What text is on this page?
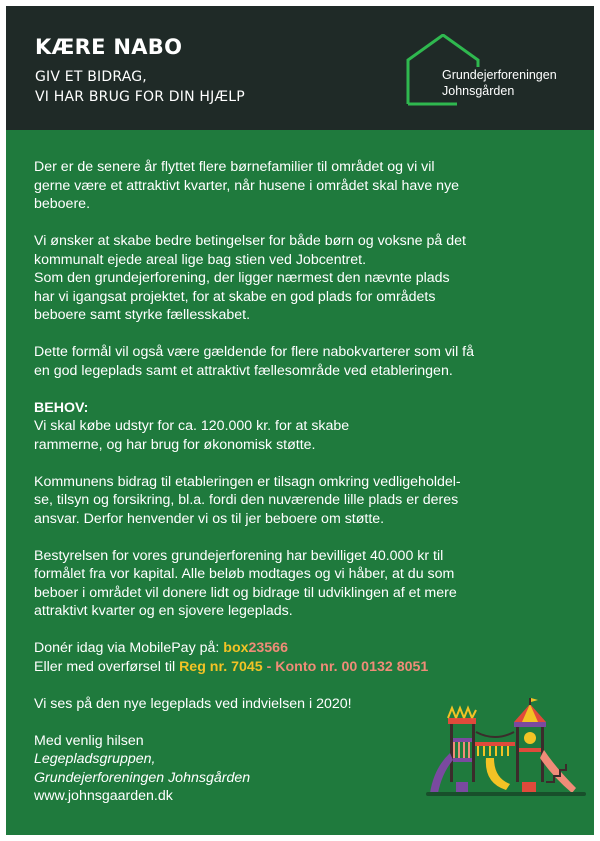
KÆRE NABO
GIV ET BIDRAG,
VI HAR BRUG FOR DIN HJÆLP
Grundejerforeningen
Johnsgården

Der er de senere år flyttet flere børnefamilier til området og vi vil
gerne være et attraktivt kvarter, når husene i området skal have nye
beboere.

Vi ønsker at skabe bedre betingelser for både børn og voksne på det
kommunalt ejede areal lige bag stien ved Jobcentret.
Som den grundejerforening, der ligger nærmest den nævnte plads
har vi igangsat projektet, for at skabe en god plads for områdets
beboere samt styrke fællesskabet.

Dette formål vil også være gældende for flere nabokvarterer som vil få
en god legeplads samt et attraktivt fællesområde ved etableringen.

BEHOV:
Vi skal købe udstyr for ca. 120.000 kr. for at skabe
rammerne, og har brug for økonomisk støtte.

Kommunens bidrag til etableringen er tilsagn omkring vedligeholdel-
se, tilsyn og forsikring, bl.a. fordi den nuværende lille plads er deres
ansvar. Derfor henvender vi os til jer beboere om støtte.

Bestyrelsen for vores grundejerforening har bevilliget 40.000 kr til
formålet fra vor kapital. Alle beløb modtages og vi håber, at du som
beboer i området vil donere lidt og bidrage til udviklingen af et mere
attraktivt kvarter og en sjovere legeplads.

Donér idag via MobilePay på: box23566
Eller med overførsel til Reg nr. 7045 - Konto nr. 00 0132 8051

Vi ses på den nye legeplads ved indvielsen i 2020!

Med venlig hilsen
Legepladsgruppen,
Grundejerforeningen Johnsgården
www.johnsgaarden.dk
